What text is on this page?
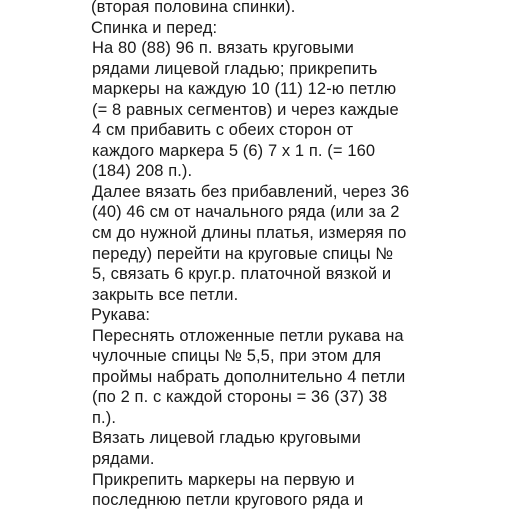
(вторая половина спинки).
Спинка и перед:
На 80 (88) 96 п. вязать круговыми
рядами лицевой гладью; прикрепить
маркеры на каждую 10 (11) 12-ю петлю
(= 8 равных сегментов) и через каждые
4 см прибавить с обеих сторон от
каждого маркера 5 (6) 7 х 1 п. (= 160
(184) 208 п.).
Далее вязать без прибавлений, через 36
(40) 46 см от начального ряда (или за 2
см до нужной длины платья, измеряя по
переду) перейти на круговые спицы №
5, связать 6 круг.р. платочной вязкой и
закрыть все петли.
Рукава:
Переснять отложенные петли рукава на
чулочные спицы № 5,5, при этом для
проймы набрать дополнительно 4 петли
(по 2 п. с каждой стороны = 36 (37) 38
п.).
Вязать лицевой гладью круговыми
рядами.
Прикрепить маркеры на первую и
последнюю петли кругового ряда и
